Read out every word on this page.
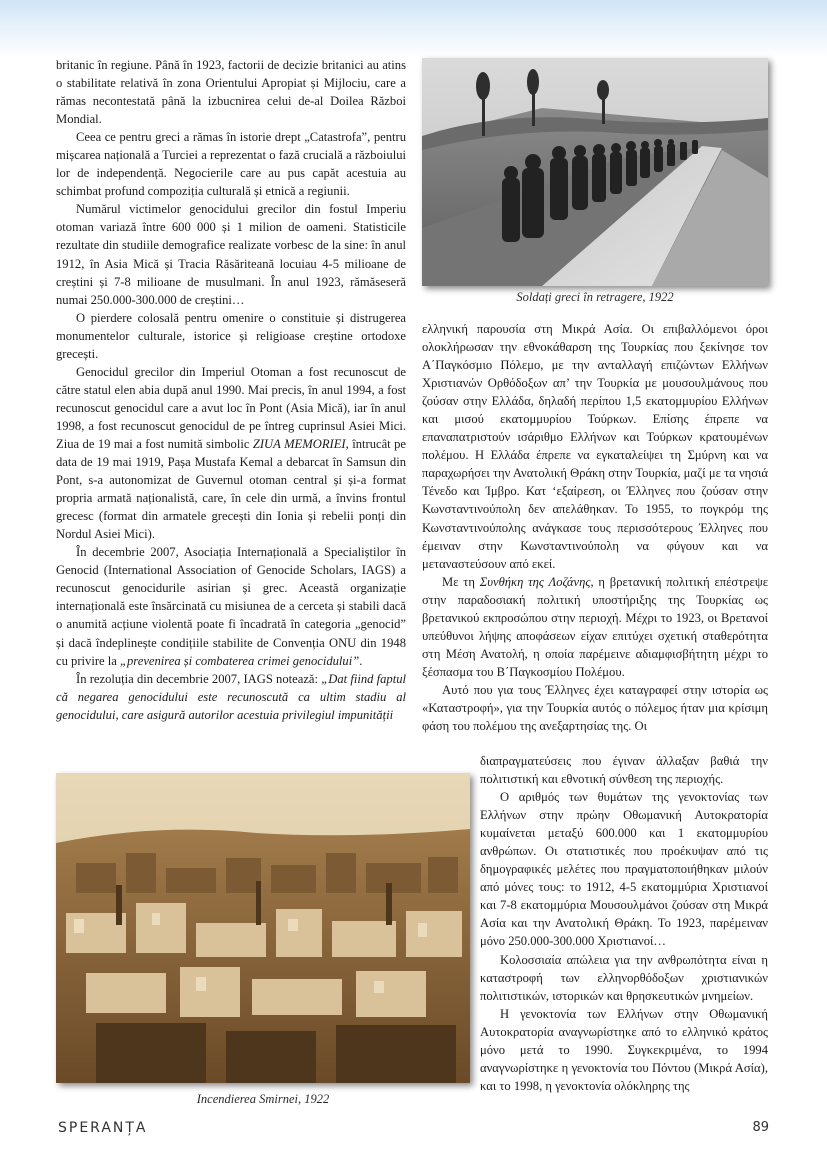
britanic în regiune. Până în 1923, factorii de decizie britanici au atins o stabilitate relativă în zona Orientului Apropiat și Mijlociu, care a rămas necontestată până la izbucnirea celui de-al Doilea Război Mondial.

Ceea ce pentru greci a rămas în istorie drept „Catastrofa”, pentru mișcarea națională a Turciei a reprezentat o fază crucială a războiului lor de independență. Negocierile care au pus capăt acestuia au schimbat profund compoziția culturală și etnică a regiunii.

Numărul victimelor genocidului grecilor din fostul Imperiu otoman variază între 600 000 și 1 milion de oameni. Statisticile rezultate din studiile demografice realizate vorbesc de la sine: în anul 1912, în Asia Mică și Tracia Răsăriteană locuiau 4-5 milioane de creștini și 7-8 milioane de musulmani. În anul 1923, rămăseseră numai 250.000-300.000 de creștini…

O pierdere colosală pentru omenire o constituie și distrugerea monumentelor culturale, istorice și religioase creștine ortodoxe grecești.

Genocidul grecilor din Imperiul Otoman a fost recunoscut de către statul elen abia după anul 1990. Mai precis, în anul 1994, a fost recunoscut genocidul care a avut loc în Pont (Asia Mică), iar în anul 1998, a fost recunoscut genocidul de pe întreg cuprinsul Asiei Mici. Ziua de 19 mai a fost numită simbolic ZIUA MEMORIEI, întrucât pe data de 19 mai 1919, Pașa Mustafa Kemal a debarcat în Samsun din Pont, s-a autonomizat de Guvernul otoman central și și-a format propria armată naționalistă, care, în cele din urmă, a învins frontul grecesc (format din armatele grecești din Ionia și rebelii ponți din Nordul Asiei Mici).

În decembrie 2007, Asociația Internațională a Specialiștilor în Genocid (International Association of Genocide Scholars, IAGS) a recunoscut genocidurile asirian și grec. Această organizație internațională este însărcinată cu misiunea de a cerceta și stabili dacă o anumită acțiune violentă poate fi încadrată în categoria „genocid” și dacă îndeplinește condițiile stabilite de Convenția ONU din 1948 cu privire la „prevenirea și combaterea crimei genocidului”.

În rezoluția din decembrie 2007, IAGS notează: „Dat fiind faptul că negarea genocidului este recunoscută ca ultim stadiu al genocidului, care asigură autorilor acestuia privilegiul impunității

Soldați greci în retragere, 1922

ελληνική παρουσία στη Μικρά Ασία. Οι επιβαλλόμενοι όροι ολοκλήρωσαν την εθνοκάθαρση της Τουρκίας που ξεκίνησε τον Α΄Παγκόσμιο Πόλεμο, με την ανταλλαγή επιζώντων Ελλήνων Χριστιανών Ορθόδοξων απ’ την Τουρκία με μουσουλμάνους που ζούσαν στην Ελλάδα, δηλαδή περίπου 1,5 εκατομμυρίου Ελλήνων και μισού εκατομμυρίου Τούρκων. Επίσης έπρεπε να επαναπατριστούν ισάριθμο Ελλήνων και Τούρκων κρατουμένων πολέμου. Η Ελλάδα έπρεπε να εγκαταλείψει τη Σμύρνη και να παραχωρήσει την Ανατολική Θράκη στην Τουρκία, μαζί με τα νησιά Τένεδο και Ίμβρο. Κατ ‘εξαίρεση, οι Έλληνες που ζούσαν στην Κωνσταντινούπολη δεν απελάθηκαν. Το 1955, το πογκρόμ της Κωνσταντινούπολης ανάγκασε τους περισσότερους Έλληνες που έμειναν στην Κωνσταντινούπολη να φύγουν και να μεταναστεύσουν από εκεί.

Με τη Συνθήκη της Λοζάνης, η βρετανική πολιτική επέστρεψε στην παραδοσιακή πολιτική υποστήριξης της Τουρκίας ως βρετανικού εκπροσώπου στην περιοχή. Μέχρι το 1923, οι Βρετανοί υπεύθυνοι λήψης αποφάσεων είχαν επιτύχει σχετική σταθερότητα στη Μέση Ανατολή, η οποία παρέμεινε αδιαμφισβήτητη μέχρι το ξέσπασμα του Β΄Παγκοσμίου Πολέμου.

Αυτό που για τους Έλληνες έχει καταγραφεί στην ιστορία ως «Καταστροφή», για την Τουρκία αυτός ο πόλεμος ήταν μια κρίσιμη φάση του πολέμου της ανεξαρτησίας της. Οι

Incendierea Smirnei, 1922

διαπραγματεύσεις που έγιναν άλλαξαν βαθιά την πολιτιστική και εθνοτική σύνθεση της περιοχής.

Ο αριθμός των θυμάτων της γενοκτονίας των Ελλήνων στην πρώην Οθωμανική Αυτοκρατορία κυμαίνεται μεταξύ 600.000 και 1 εκατομμυρίου ανθρώπων. Οι στατιστικές που προέκυψαν από τις δημογραφικές μελέτες που πραγματοποιήθηκαν μιλούν από μόνες τους: το 1912, 4-5 εκατομμύρια Χριστιανοί και 7-8 εκατομμύρια Μουσουλμάνοι ζούσαν στη Μικρά Ασία και την Ανατολική Θράκη. Το 1923, παρέμειναν μόνο 250.000-300.000 Χριστιανοί…

Κολοσσιαία απώλεια για την ανθρωπότητα είναι η καταστροφή των ελληνορθόδοξων χριστιανικών πολιτιστικών, ιστορικών και θρησκευτικών μνημείων.

Η γενοκτονία των Ελλήνων στην Οθωμανική Αυτοκρατορία αναγνωρίστηκε από το ελληνικό κράτος μόνο μετά το 1990. Συγκεκριμένα, το 1994 αναγνωρίστηκε η γενοκτονία του Πόντου (Μικρά Ασία), και το 1998, η γενοκτονία ολόκληρης της

SPERANȚA	89
